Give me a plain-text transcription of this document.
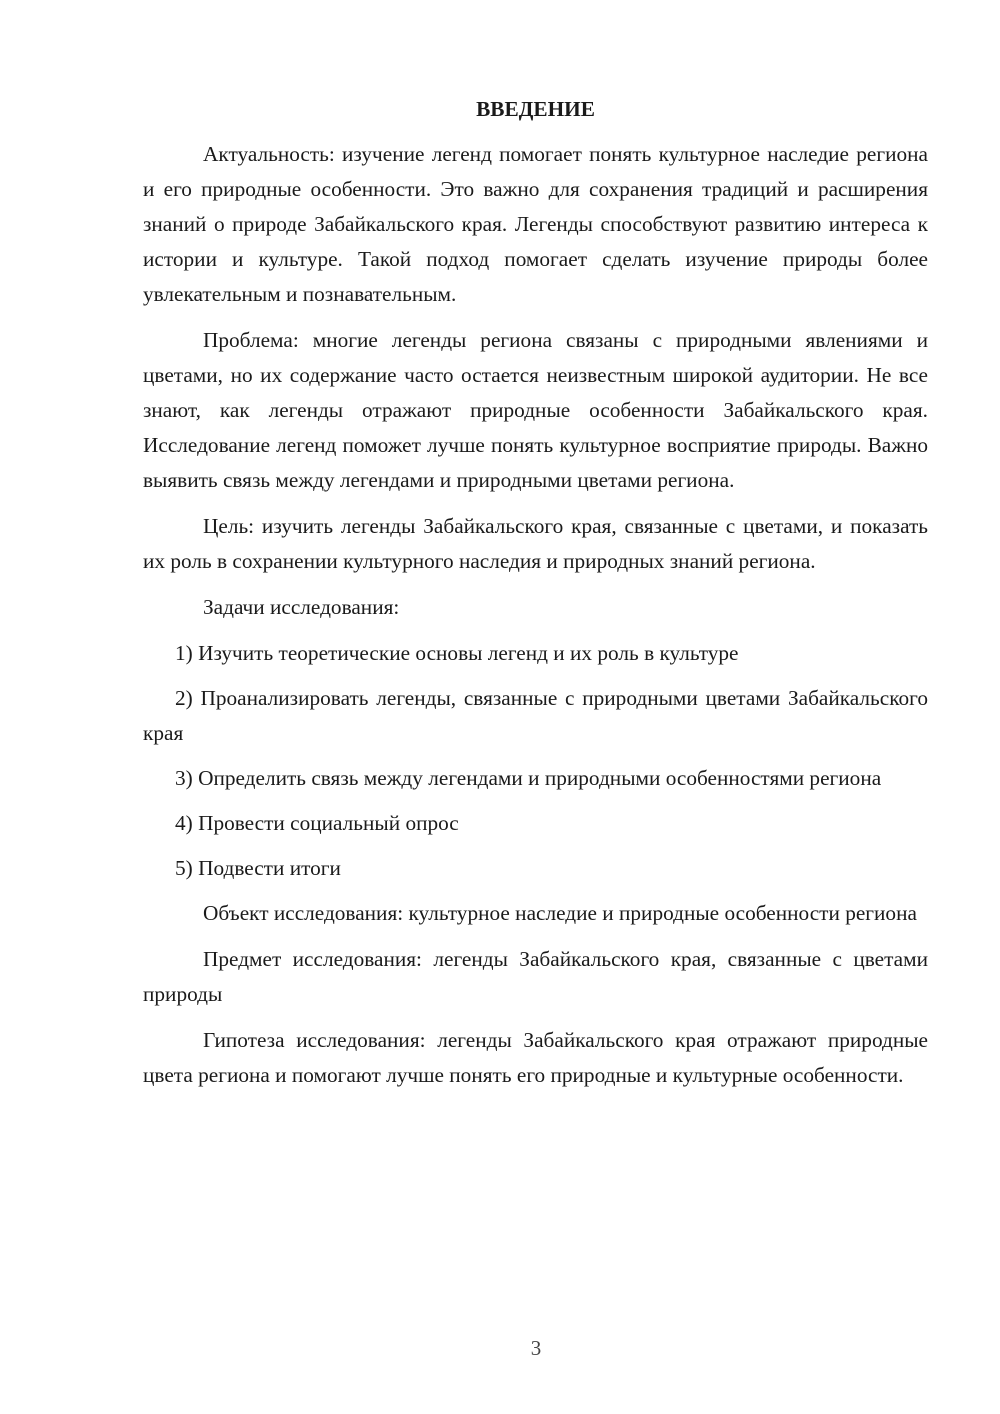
ВВЕДЕНИЕ

Актуальность: изучение легенд помогает понять культурное наследие региона и его природные особенности. Это важно для сохранения традиций и расширения знаний о природе Забайкальского края. Легенды способствуют развитию интереса к истории и культуре. Такой подход помогает сделать изучение природы более увлекательным и познавательным.

Проблема: многие легенды региона связаны с природными явлениями и цветами, но их содержание часто остается неизвестным широкой аудитории. Не все знают, как легенды отражают природные особенности Забайкальского края. Исследование легенд поможет лучше понять культурное восприятие природы. Важно выявить связь между легендами и природными цветами региона.

Цель: изучить легенды Забайкальского края, связанные с цветами, и показать их роль в сохранении культурного наследия и природных знаний региона.

Задачи исследования:

1) Изучить теоретические основы легенд и их роль в культуре

2) Проанализировать легенды, связанные с природными цветами Забайкальского края

3) Определить связь между легендами и природными особенностями региона

4) Провести социальный опрос

5) Подвести итоги

Объект исследования: культурное наследие и природные особенности региона

Предмет исследования: легенды Забайкальского края, связанные с цветами природы

Гипотеза исследования: легенды Забайкальского края отражают природные цвета региона и помогают лучше понять его природные и культурные особенности.

3
